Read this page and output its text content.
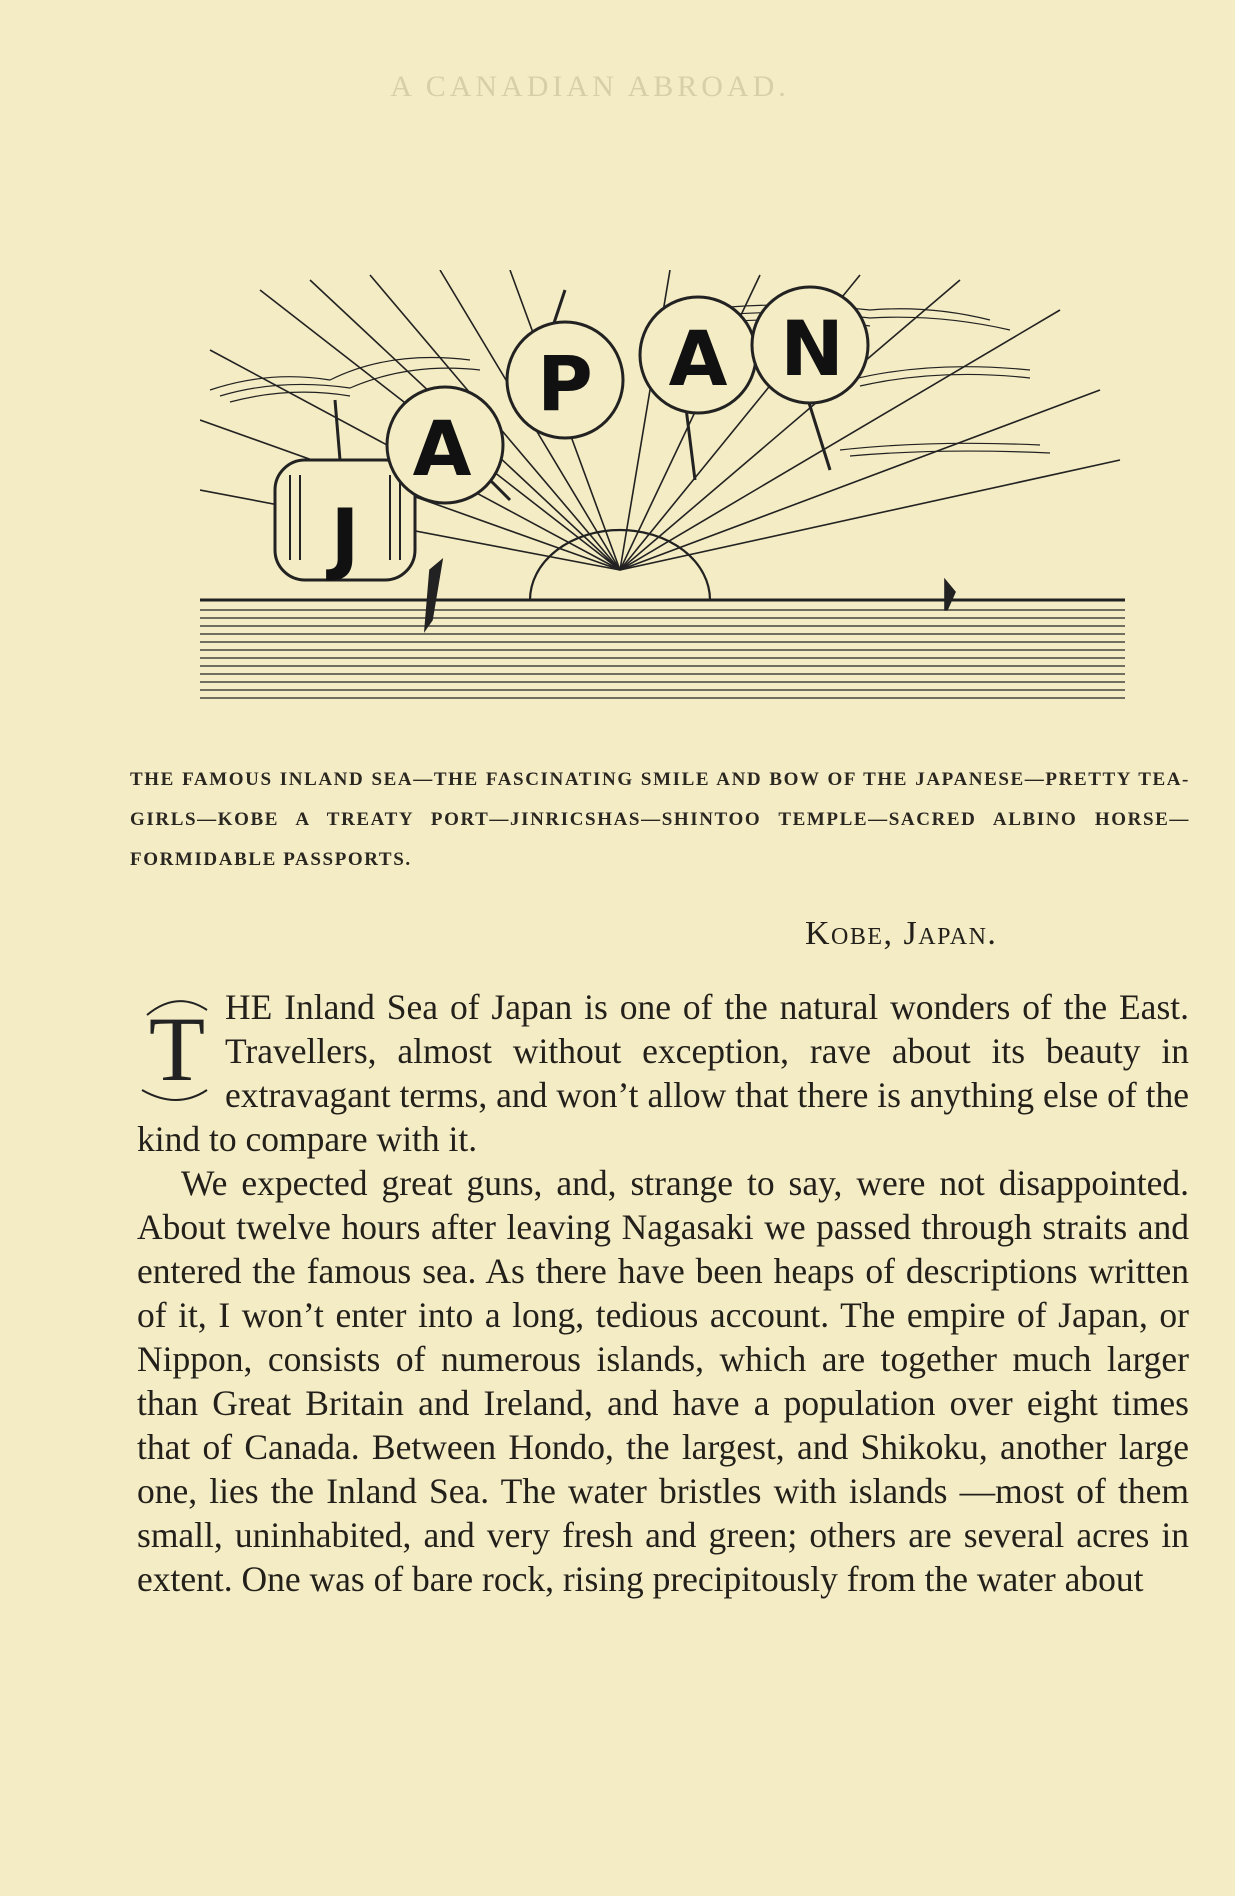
A CANADIAN ABROAD.
J
A
P A N
THE FAMOUS INLAND SEA—THE FASCINATING SMILE AND BOW OF THE JAPANESE—PRETTY TEA-GIRLS—KOBE A TREATY PORT—JINRICSHAS—SHINTOO TEMPLE—SACRED ALBINO HORSE—FORMIDABLE PASSPORTS.
Kobe, Japan.

T HE Inland Sea of Japan is one of the natural wonders of the East. Travellers, almost without exception, rave about its beauty in extravagant terms, and won’t allow that there is anything else of the kind to compare with it.

We expected great guns, and, strange to say, were not disappointed. About twelve hours after leaving Nagasaki we passed through straits and entered the famous sea. As there have been heaps of descriptions written of it, I won’t enter into a long, tedious account. The empire of Japan, or Nippon, consists of numerous islands, which are together much larger than Great Britain and Ireland, and have a population over eight times that of Canada. Between Hondo, the largest, and Shikoku, another large one, lies the Inland Sea. The water bristles with islands —most of them small, uninhabited, and very fresh and green; others are several acres in extent. One was of bare rock, rising precipitously from the water about
